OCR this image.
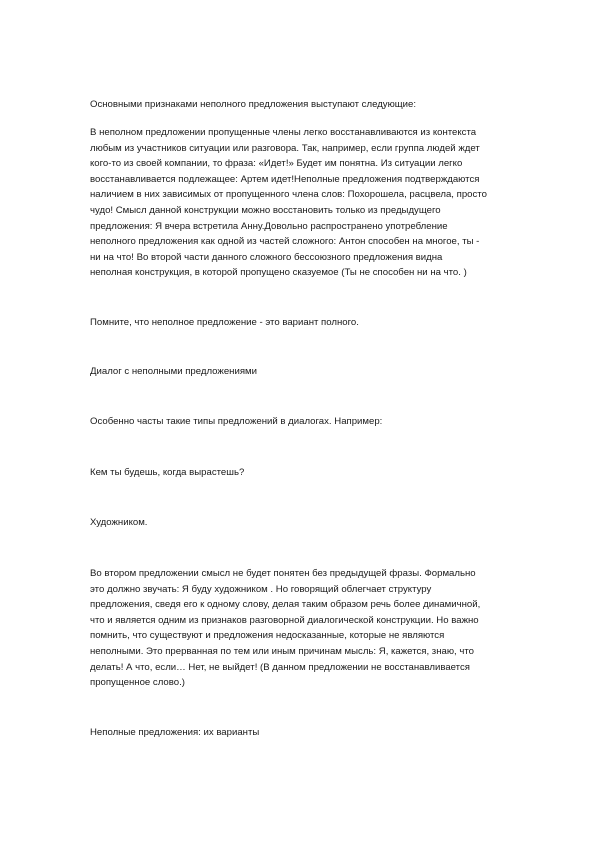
Основными признаками неполного предложения выступают следующие:

В неполном предложении пропущенные члены легко восстанавливаются из контекста
любым из участников ситуации или разговора. Так, например, если группа людей ждет
кого-то из своей компании, то фраза: «Идет!» Будет им понятна. Из ситуации легко
восстанавливается подлежащее: Артем идет!Неполные предложения подтверждаются
наличием в них зависимых от пропущенного члена слов: Похорошела, расцвела, просто
чудо! Смысл данной конструкции можно восстановить только из предыдущего
предложения: Я вчера встретила Анну.Довольно распространено употребление
неполного предложения как одной из частей сложного: Антон способен на многое, ты -
ни на что! Во второй части данного сложного бессоюзного предложения видна
неполная конструкция, в которой пропущено сказуемое (Ты не способен ни на что. )

Помните, что неполное предложение - это вариант полного.

Диалог с неполными предложениями

Особенно часты такие типы предложений в диалогах. Например:

Кем ты будешь, когда вырастешь?

Художником.

Во втором предложении смысл не будет понятен без предыдущей фразы. Формально
это должно звучать: Я буду художником . Но говорящий облегчает структуру
предложения, сведя его к одному слову, делая таким образом речь более динамичной,
что и является одним из признаков разговорной диалогической конструкции. Но важно
помнить, что существуют и предложения недосказанные, которые не являются
неполными. Это прерванная по тем или иным причинам мысль: Я, кажется, знаю, что
делать! А что, если… Нет, не выйдет! (В данном предложении не восстанавливается
пропущенное слово.)

Неполные предложения: их варианты
